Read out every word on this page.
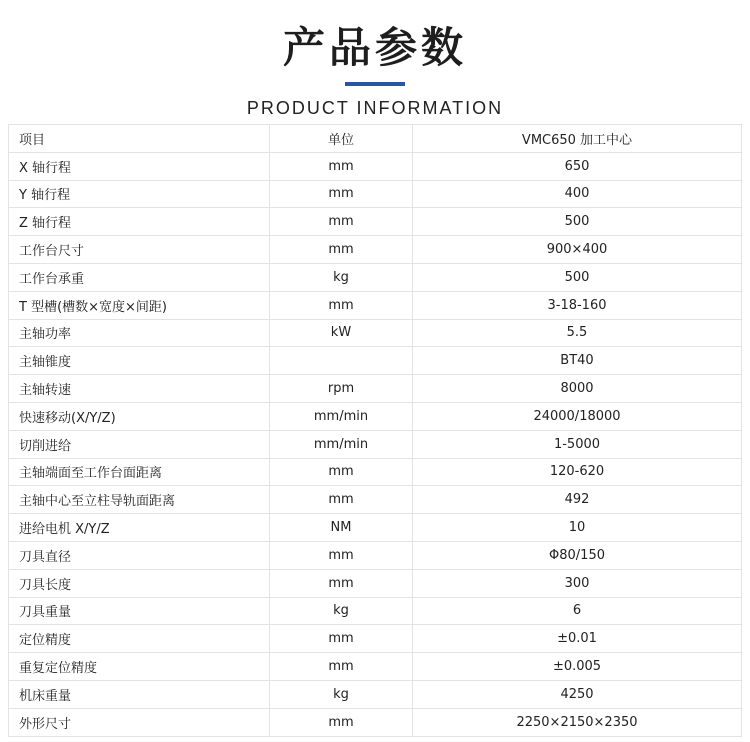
产品参数
PRODUCT INFORMATION
项目	单位	VMC650 加工中心
X 轴行程	mm	650
Y 轴行程	mm	400
Z 轴行程	mm	500
工作台尺寸	mm	900×400
工作台承重	kg	500
T 型槽(槽数×宽度×间距)	mm	3-18-160
主轴功率	kW	5.5
主轴锥度		BT40
主轴转速	rpm	8000
快速移动(X/Y/Z)	mm/min	24000/18000
切削进给	mm/min	1-5000
主轴端面至工作台面距离	mm	120-620
主轴中心至立柱导轨面距离	mm	492
进给电机 X/Y/Z	NM	10
刀具直径	mm	Φ80/150
刀具长度	mm	300
刀具重量	kg	6
定位精度	mm	±0.01
重复定位精度	mm	±0.005
机床重量	kg	4250
外形尺寸	mm	2250×2150×2350
